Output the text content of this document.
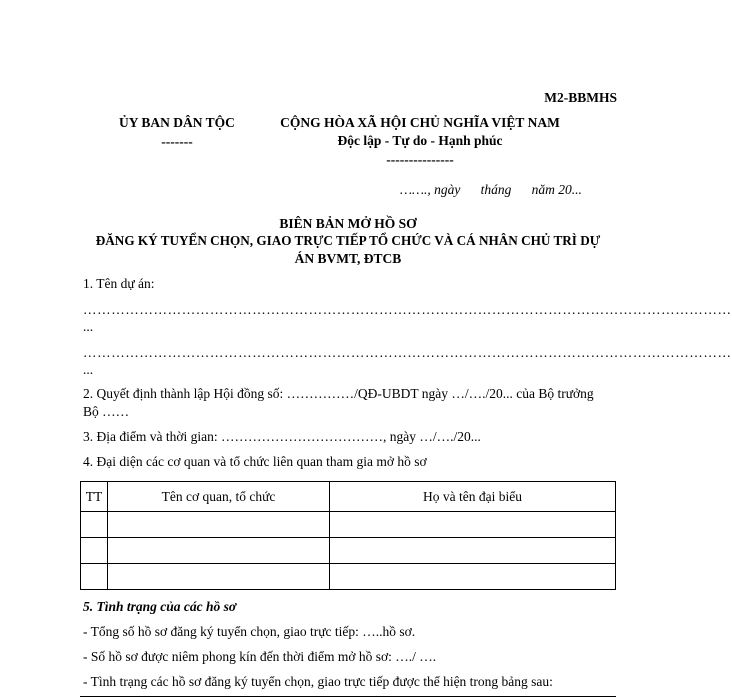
M2-BBMHS
ỦY BAN DÂN TỘC
-------
CỘNG HÒA XÃ HỘI CHỦ NGHĨA VIỆT NAM
Độc lập - Tự do - Hạnh phúc
---------------
……., ngày      tháng      năm 20...
BIÊN BẢN MỞ HỒ SƠ
ĐĂNG KÝ TUYỂN CHỌN, GIAO TRỰC TIẾP TỔ CHỨC VÀ CÁ NHÂN CHỦ TRÌ DỰ
ÁN BVMT, ĐTCB
1. Tên dự án:
…………………………………………………………………………………………………………………………
...
…………………………………………………………………………………………………………………………
...
2. Quyết định thành lập Hội đồng số: ……………/QĐ-UBDT ngày …/…./20... của Bộ trưởng
Bộ ……
3. Địa điểm và thời gian: ………………………………, ngày …/…./20...
4. Đại diện các cơ quan và tổ chức liên quan tham gia mở hồ sơ
TT	Tên cơ quan, tổ chức	Họ và tên đại biểu

5. Tình trạng của các hồ sơ
- Tổng số hồ sơ đăng ký tuyển chọn, giao trực tiếp: …..hồ sơ.
- Số hồ sơ được niêm phong kín đến thời điểm mở hồ sơ: …./ ….
- Tình trạng các hồ sơ đăng ký tuyển chọn, giao trực tiếp được thể hiện trong bảng sau:
